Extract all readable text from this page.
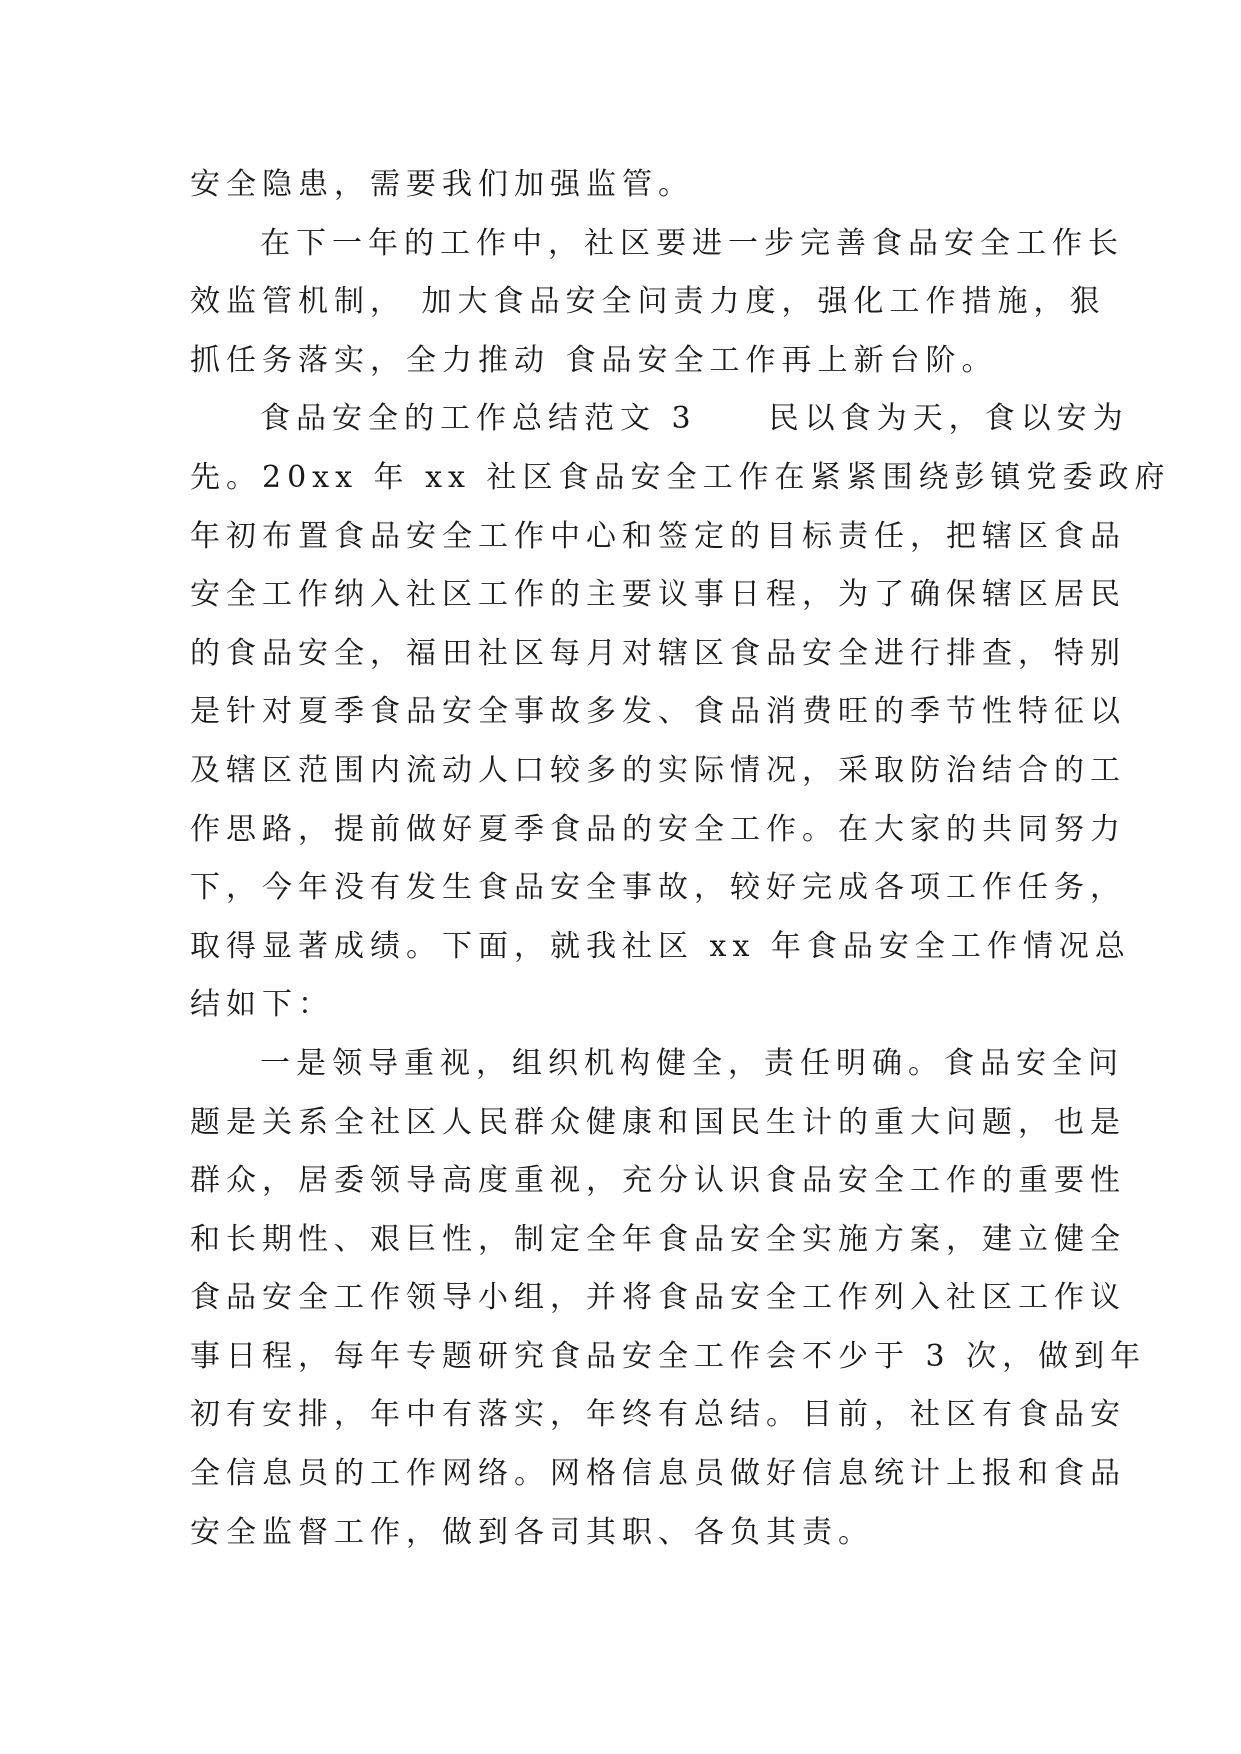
安全隐患，需要我们加强监管。
在下一年的工作中，社区要进一步完善食品安全工作长
效监管机制， 加大食品安全问责力度，强化工作措施，狠
抓任务落实，全力推动 食品安全工作再上新台阶。
食品安全的工作总结范文 3　　民以食为天，食以安为
先。20xx 年 xx 社区食品安全工作在紧紧围绕彭镇党委政府
年初布置食品安全工作中心和签定的目标责任，把辖区食品
安全工作纳入社区工作的主要议事日程，为了确保辖区居民
的食品安全，福田社区每月对辖区食品安全进行排查，特别
是针对夏季食品安全事故多发、食品消费旺的季节性特征以
及辖区范围内流动人口较多的实际情况，采取防治结合的工
作思路，提前做好夏季食品的安全工作。在大家的共同努力
下，今年没有发生食品安全事故，较好完成各项工作任务，
取得显著成绩。下面，就我社区 xx 年食品安全工作情况总
结如下：
一是领导重视，组织机构健全，责任明确。食品安全问
题是关系全社区人民群众健康和国民生计的重大问题，也是
群众，居委领导高度重视，充分认识食品安全工作的重要性
和长期性、艰巨性，制定全年食品安全实施方案，建立健全
食品安全工作领导小组，并将食品安全工作列入社区工作议
事日程，每年专题研究食品安全工作会不少于 3 次，做到年
初有安排，年中有落实，年终有总结。目前，社区有食品安
全信息员的工作网络。网格信息员做好信息统计上报和食品
安全监督工作，做到各司其职、各负其责。
